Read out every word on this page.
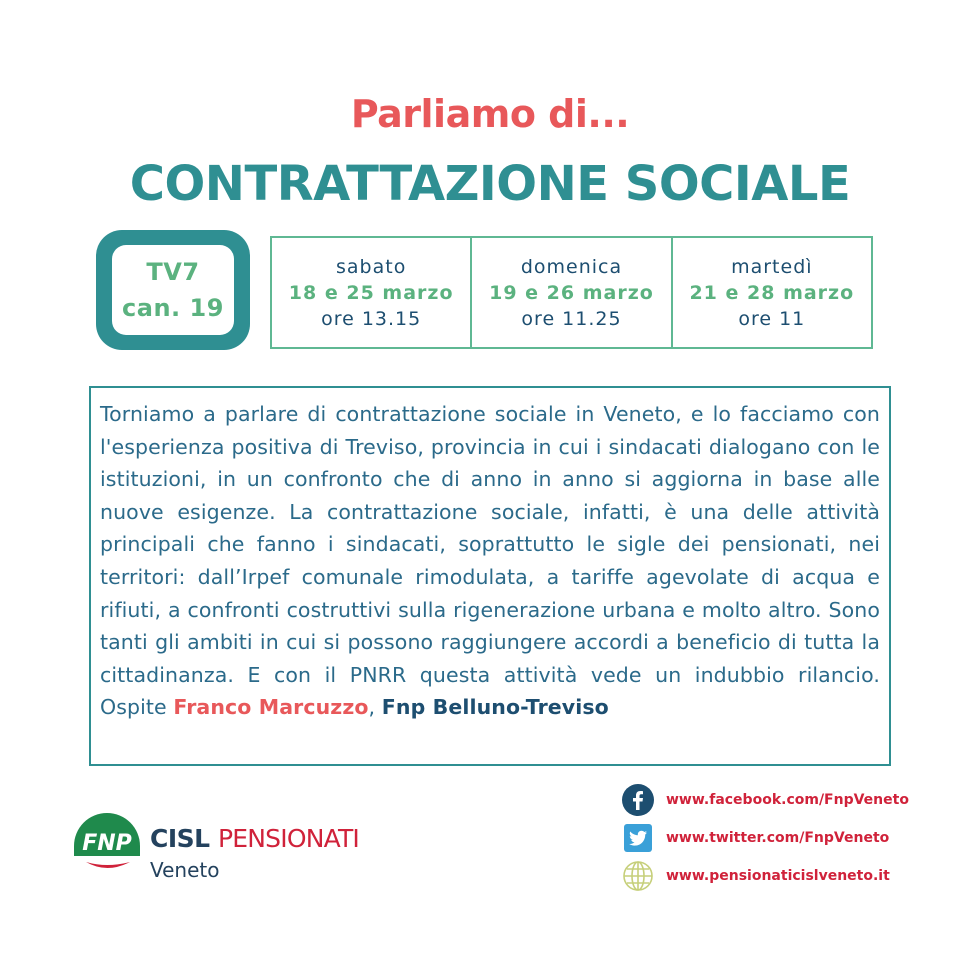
Parliamo di...
CONTRATTAZIONE SOCIALE
TV7
can. 19
sabato
18 e 25 marzo
ore 13.15
domenica
19 e 26 marzo
ore 11.25
martedì
21 e 28 marzo
ore 11
Torniamo a parlare di contrattazione sociale in Veneto, e lo facciamo con l'esperienza positiva di Treviso, provincia in cui i sindacati dialogano con le istituzioni, in un confronto che di anno in anno si aggiorna in base alle nuove esigenze. La contrattazione sociale, infatti, è una delle attività principali che fanno i sindacati, soprattutto le sigle dei pensionati, nei territori: dall’Irpef comunale rimodulata, a tariffe agevolate di acqua e rifiuti, a confronti costruttivi sulla rigenerazione urbana e molto altro. Sono tanti gli ambiti in cui si possono raggiungere accordi a beneficio di tutta la cittadinanza. E con il PNRR questa attività vede un indubbio rilancio. Ospite Franco Marcuzzo, Fnp Belluno-Treviso
FNP CISL PENSIONATI
Veneto
www.facebook.com/FnpVeneto
www.twitter.com/FnpVeneto
www.pensionaticislveneto.it
